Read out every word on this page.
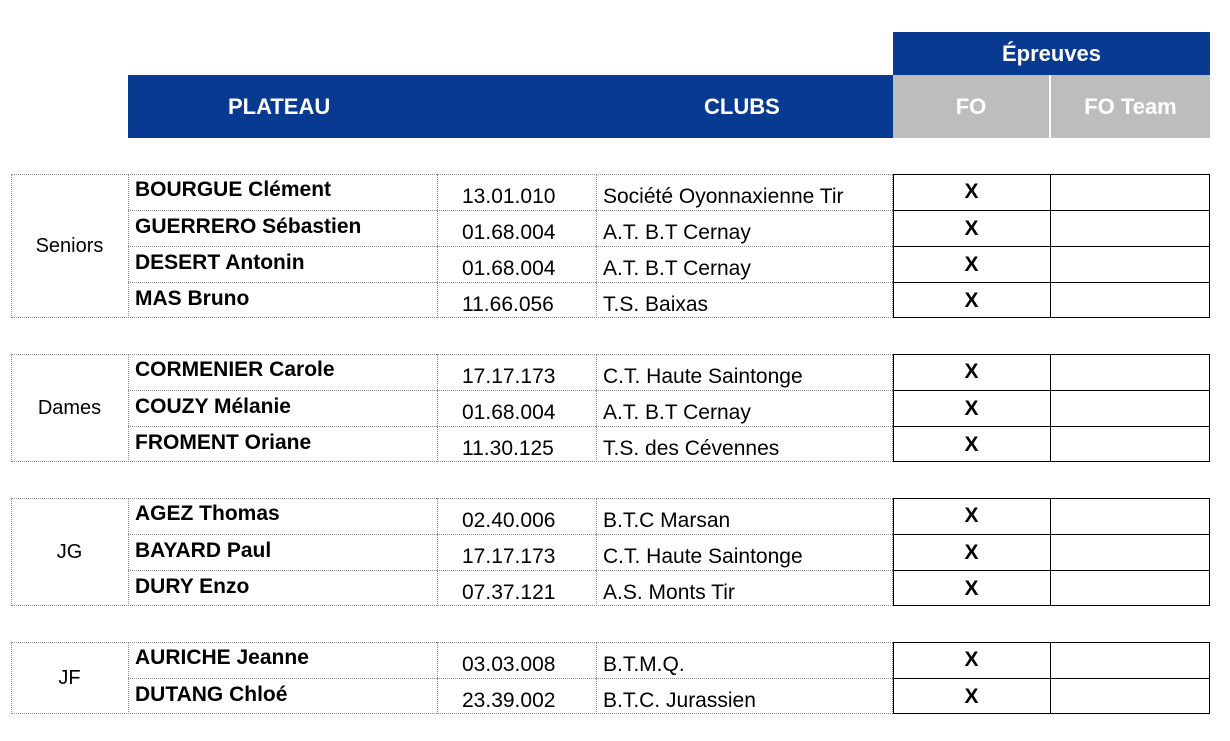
Épreuves
PLATEAU	CLUBS	FO	FO Team
Seniors
BOURGUE Clément	13.01.010	Société Oyonnaxienne Tir	X
GUERRERO Sébastien	01.68.004	A.T. B.T Cernay	X
DESERT Antonin	01.68.004	A.T. B.T Cernay	X
MAS Bruno	11.66.056	T.S. Baixas	X
Dames
CORMENIER Carole	17.17.173	C.T. Haute Saintonge	X
COUZY Mélanie	01.68.004	A.T. B.T Cernay	X
FROMENT Oriane	11.30.125	T.S. des Cévennes	X
JG
AGEZ Thomas	02.40.006	B.T.C Marsan	X
BAYARD Paul	17.17.173	C.T. Haute Saintonge	X
DURY Enzo	07.37.121	A.S. Monts Tir	X
JF
AURICHE Jeanne	03.03.008	B.T.M.Q.	X
DUTANG Chloé	23.39.002	B.T.C. Jurassien	X
